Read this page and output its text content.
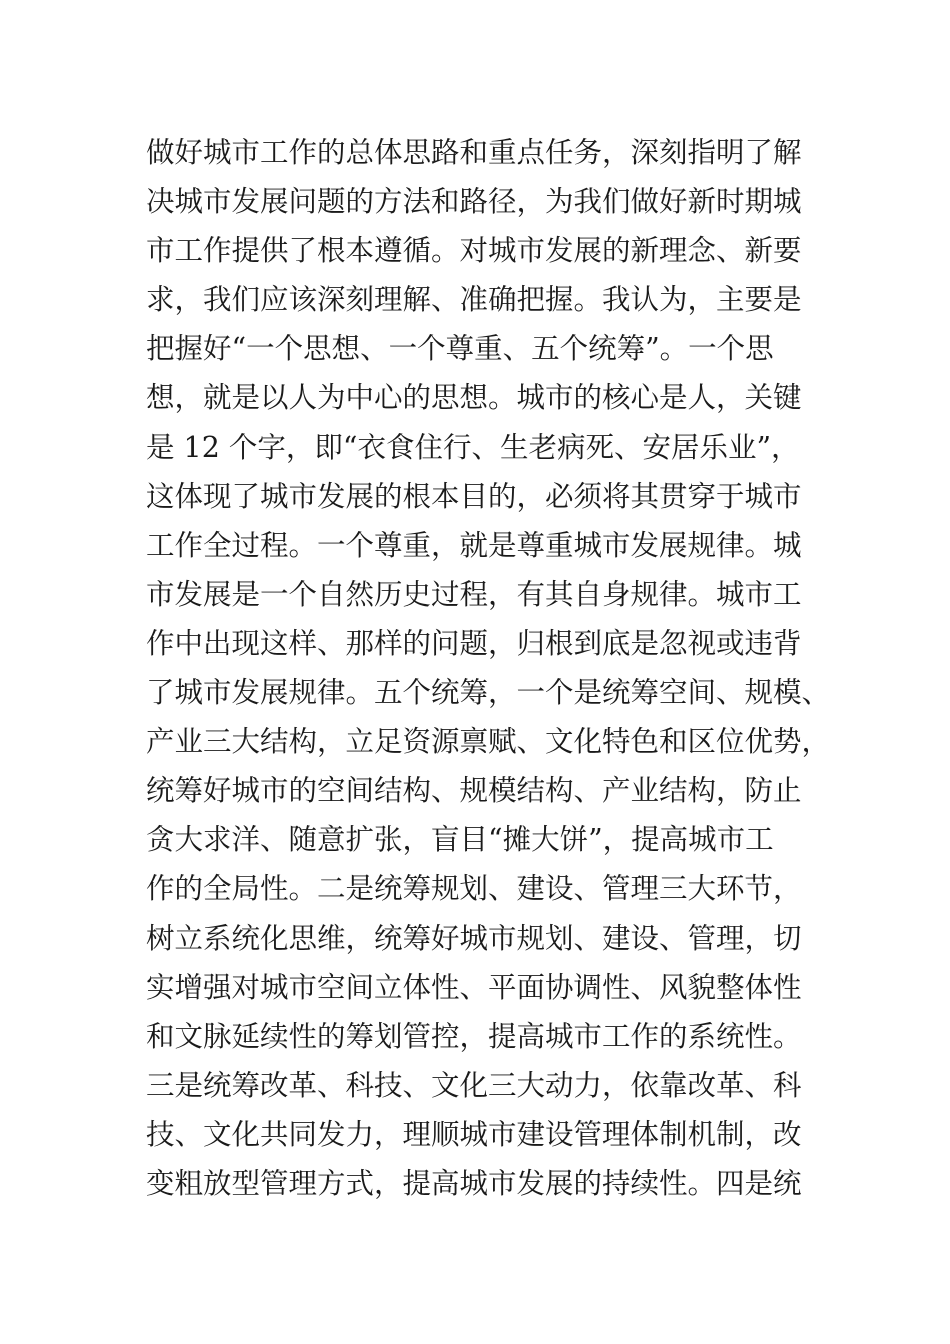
做好城市工作的总体思路和重点任务，深刻指明了解
决城市发展问题的方法和路径，为我们做好新时期城
市工作提供了根本遵循。对城市发展的新理念、新要
求，我们应该深刻理解、准确把握。我认为，主要是
把握好“一个思想、一个尊重、五个统筹”。一个思
想，就是以人为中心的思想。城市的核心是人，关键
是 12 个字，即“衣食住行、生老病死、安居乐业”，
这体现了城市发展的根本目的，必须将其贯穿于城市
工作全过程。一个尊重，就是尊重城市发展规律。城
市发展是一个自然历史过程，有其自身规律。城市工
作中出现这样、那样的问题，归根到底是忽视或违背
了城市发展规律。五个统筹，一个是统筹空间、规模、
产业三大结构，立足资源禀赋、文化特色和区位优势，
统筹好城市的空间结构、规模结构、产业结构，防止
贪大求洋、随意扩张，盲目“摊大饼”，提高城市工
作的全局性。二是统筹规划、建设、管理三大环节，
树立系统化思维，统筹好城市规划、建设、管理，切
实增强对城市空间立体性、平面协调性、风貌整体性
和文脉延续性的筹划管控，提高城市工作的系统性。
三是统筹改革、科技、文化三大动力，依靠改革、科
技、文化共同发力，理顺城市建设管理体制机制，改
变粗放型管理方式，提高城市发展的持续性。四是统
